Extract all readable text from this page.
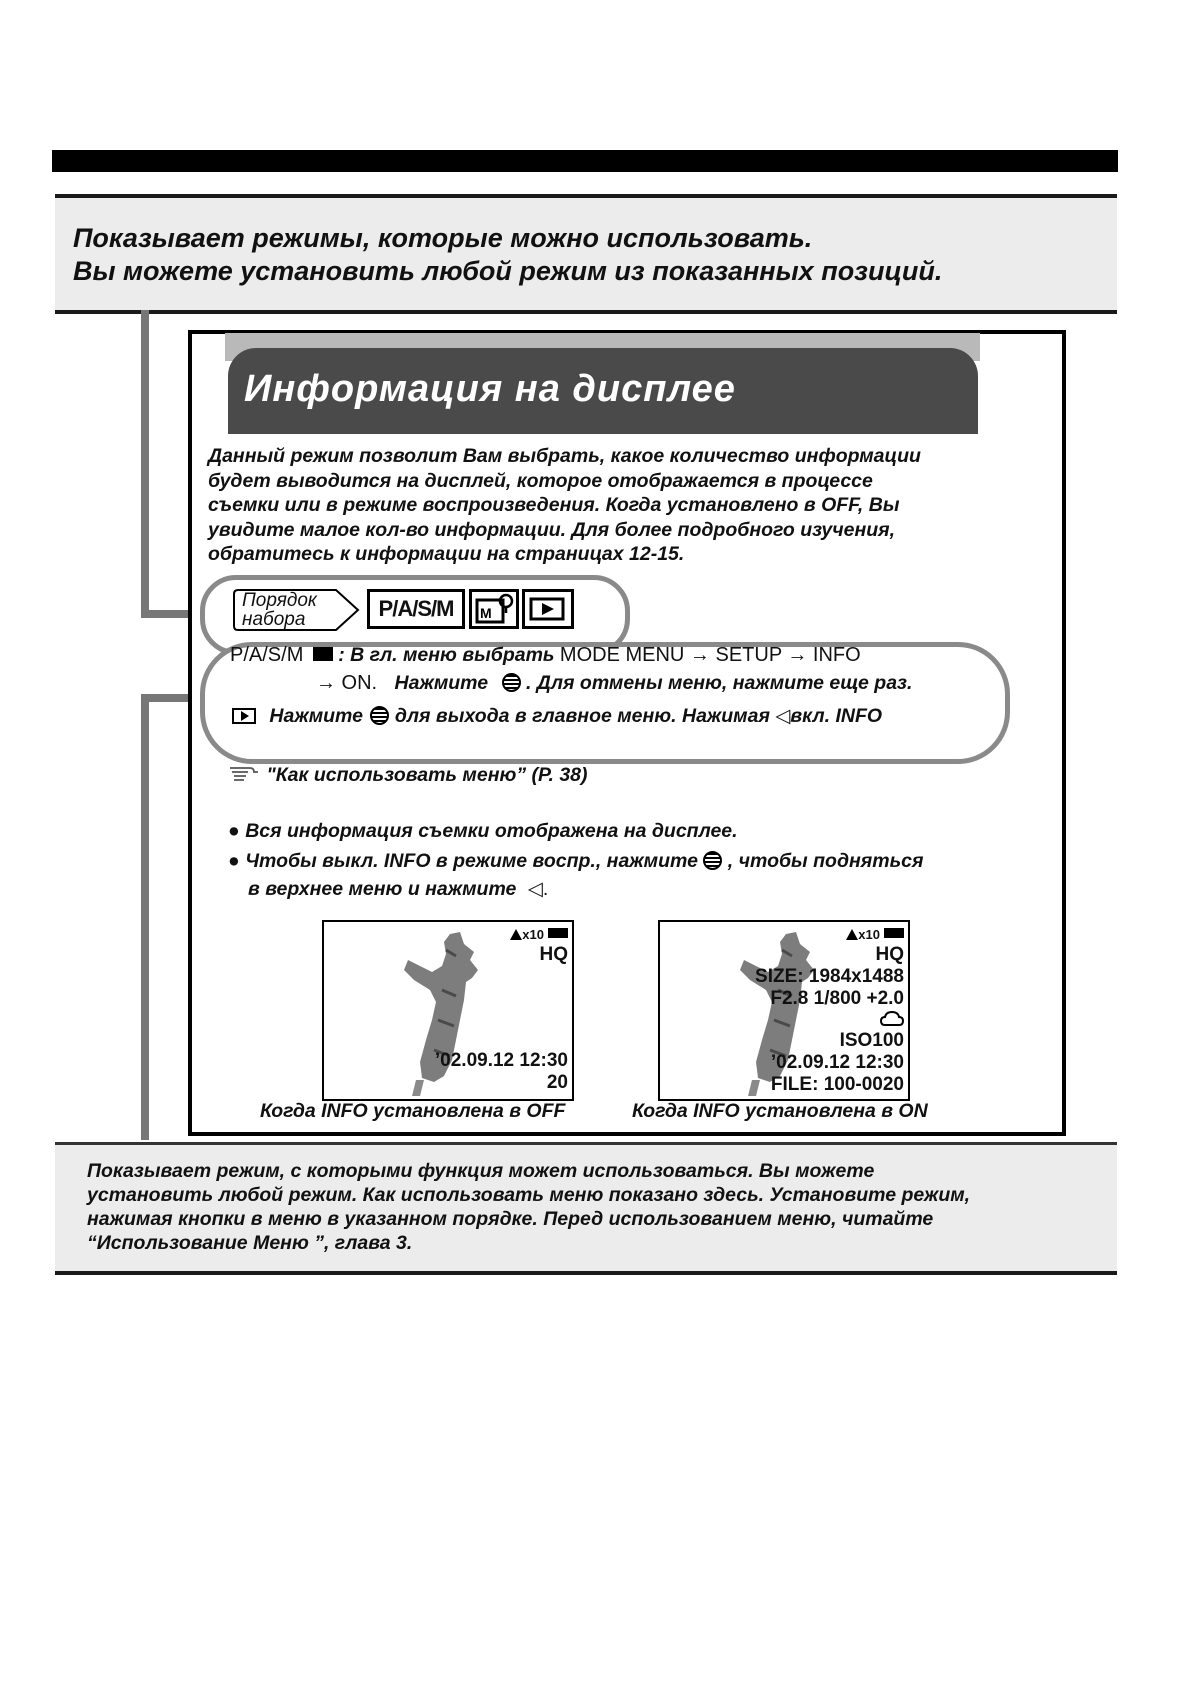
Показывает режимы, которые можно использовать.
Вы можете установить любой режим из показанных позиций.
Информация на дисплее
Данный режим позволит Вам выбрать, какое количество информации
будет выводится на дисплей, которое отображается в процессе
съемки или в режиме воспроизведения. Когда установлено в OFF, Вы
увидите малое кол-во информации. Для более подробного изучения,
обратитесь к информации на страницах 12-15.
Порядок
набора	P/A/S/M	M
P/A/S/M  : В гл. меню выбрать MODE MENU → SETUP → INFO
→ ON. Нажмите . Для отмены меню, нажмите еще раз.
Нажмите для выхода в главное меню. Нажимая ◁вкл. INFO
"Как использовать меню” (P. 38)
● Вся информация съемки отображена на дисплее.
● Чтобы выкл. INFO в режиме воспр., нажмите , чтобы подняться
в верхнее меню и нажмите ◁.
x10
HQ
’02.09.12 12:30
20
x10
HQ
SIZE: 1984x1488
F2.8 1/800 +2.0
ISO100
’02.09.12 12:30
FILE: 100-0020
Когда INFO установлена в OFF	Когда INFO установлена в ON
Показывает режим, с которыми функция может использоваться. Вы можете
установить любой режим. Как использовать меню показано здесь. Установите режим,
нажимая кнопки в меню в указанном порядке. Перед использованием меню, читайте
“Использование Меню ”, глава 3.
